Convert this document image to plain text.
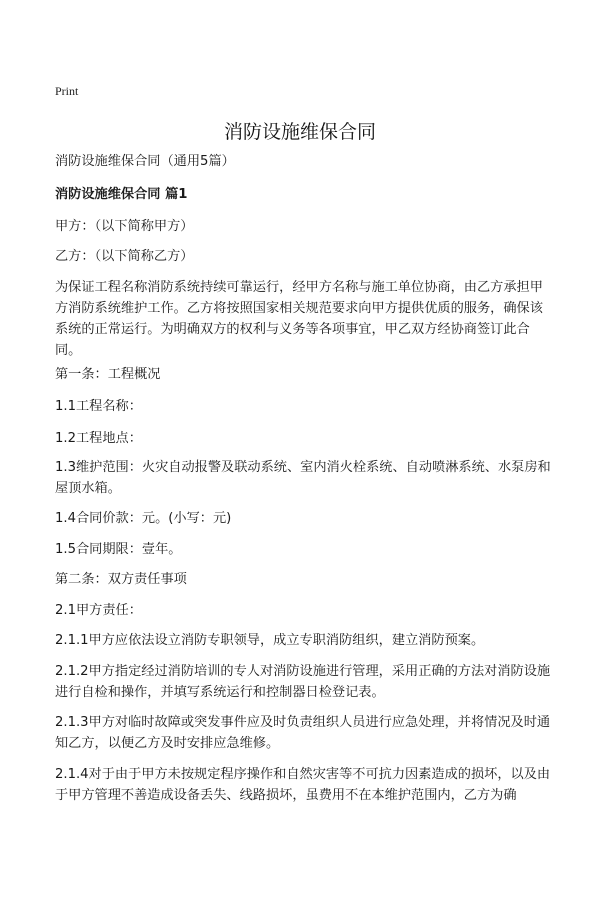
Print
消防设施维保合同

消防设施维保合同（通用5篇）

消防设施维保合同 篇1

甲方：（以下简称甲方）

乙方：（以下简称乙方）

为保证工程名称消防系统持续可靠运行，经甲方名称与施工单位协商，由乙方承担甲方消防系统维护工作。乙方将按照国家相关规范要求向甲方提供优质的服务，确保该系统的正常运行。为明确双方的权利与义务等各项事宜，甲乙双方经协商签订此合同。

第一条：工程概况

1.1工程名称：

1.2工程地点：

1.3维护范围：火灾自动报警及联动系统、室内消火栓系统、自动喷淋系统、水泵房和屋顶水箱。

1.4合同价款：元。(小写：元)

1.5合同期限：壹年。

第二条：双方责任事项

2.1甲方责任：

2.1.1甲方应依法设立消防专职领导，成立专职消防组织，建立消防预案。

2.1.2甲方指定经过消防培训的专人对消防设施进行管理，采用正确的方法对消防设施进行自检和操作，并填写系统运行和控制器日检登记表。

2.1.3甲方对临时故障或突发事件应及时负责组织人员进行应急处理，并将情况及时通知乙方，以便乙方及时安排应急维修。

2.1.4对于由于甲方未按规定程序操作和自然灾害等不可抗力因素造成的损坏，以及由于甲方管理不善造成设备丢失、线路损坏，虽费用不在本维护范围内，乙方为确
